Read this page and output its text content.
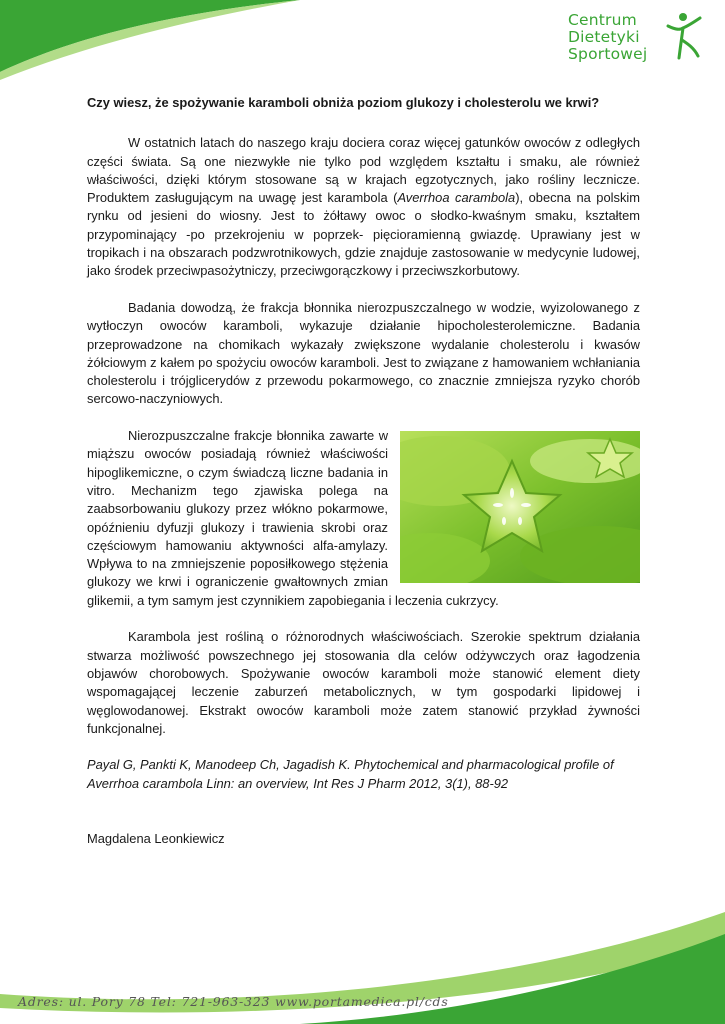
Centrum
Dietetyki
Sportowej
Czy wiesz, że spożywanie karamboli obniża poziom glukozy i cholesterolu we krwi?

W ostatnich latach do naszego kraju dociera coraz więcej gatunków owoców z odległych części świata. Są one niezwykłe nie tylko pod względem kształtu i smaku, ale również właściwości, dzięki którym stosowane są w krajach egzotycznych, jako rośliny lecznicze. Produktem zasługującym na uwagę jest karambola (Averrhoa carambola), obecna na polskim rynku od jesieni do wiosny. Jest to żółtawy owoc o słodko-kwaśnym smaku, kształtem przypominający -po przekrojeniu w poprzek- pięcioramienną gwiazdę. Uprawiany jest w tropikach i na obszarach podzwrotnikowych, gdzie znajduje zastosowanie w medycynie ludowej, jako środek przeciwpasożytniczy, przeciwgorączkowy i przeciwszkorbutowy.

Badania dowodzą, że frakcja błonnika nierozpuszczalnego w wodzie, wyizolowanego z wytłoczyn owoców karamboli, wykazuje działanie hipocholesterolemiczne. Badania przeprowadzone na chomikach wykazały zwiększone wydalanie cholesterolu i kwasów żółciowym z kałem po spożyciu owoców karamboli. Jest to związane z hamowaniem wchłaniania cholesterolu i trójglicerydów z przewodu pokarmowego, co znacznie zmniejsza ryzyko chorób sercowo-naczyniowych.

Nierozpuszczalne frakcje błonnika zawarte w miąższu owoców posiadają również właściwości hipoglikemiczne, o czym świadczą liczne badania in vitro. Mechanizm tego zjawiska polega na zaabsorbowaniu glukozy przez włókno pokarmowe, opóźnieniu dyfuzji glukozy i trawienia skrobi oraz częściowym hamowaniu aktywności alfa-amylazy. Wpływa to na zmniejszenie poposiłkowego stężenia glukozy we krwi i ograniczenie gwałtownych zmian glikemii, a tym samym jest czynnikiem zapobiegania i leczenia cukrzycy.

Karambola jest rośliną o różnorodnych właściwościach. Szerokie spektrum działania stwarza możliwość powszechnego jej stosowania dla celów odżywczych oraz łagodzenia objawów chorobowych. Spożywanie owoców karamboli może stanowić element diety wspomagającej leczenie zaburzeń metabolicznych, w tym gospodarki lipidowej i węglowodanowej. Ekstrakt owoców karamboli może zatem stanowić przykład żywności funkcjonalnej.

Payal G, Pankti K, Manodeep Ch, Jagadish K. Phytochemical and pharmacological profile of Averrhoa carambola Linn: an overview, Int Res J Pharm 2012, 3(1), 88-92

Magdalena Leonkiewicz

Adres: ul. Pory 78 Tel: 721-963-323 www.portamedica.pl/cds
